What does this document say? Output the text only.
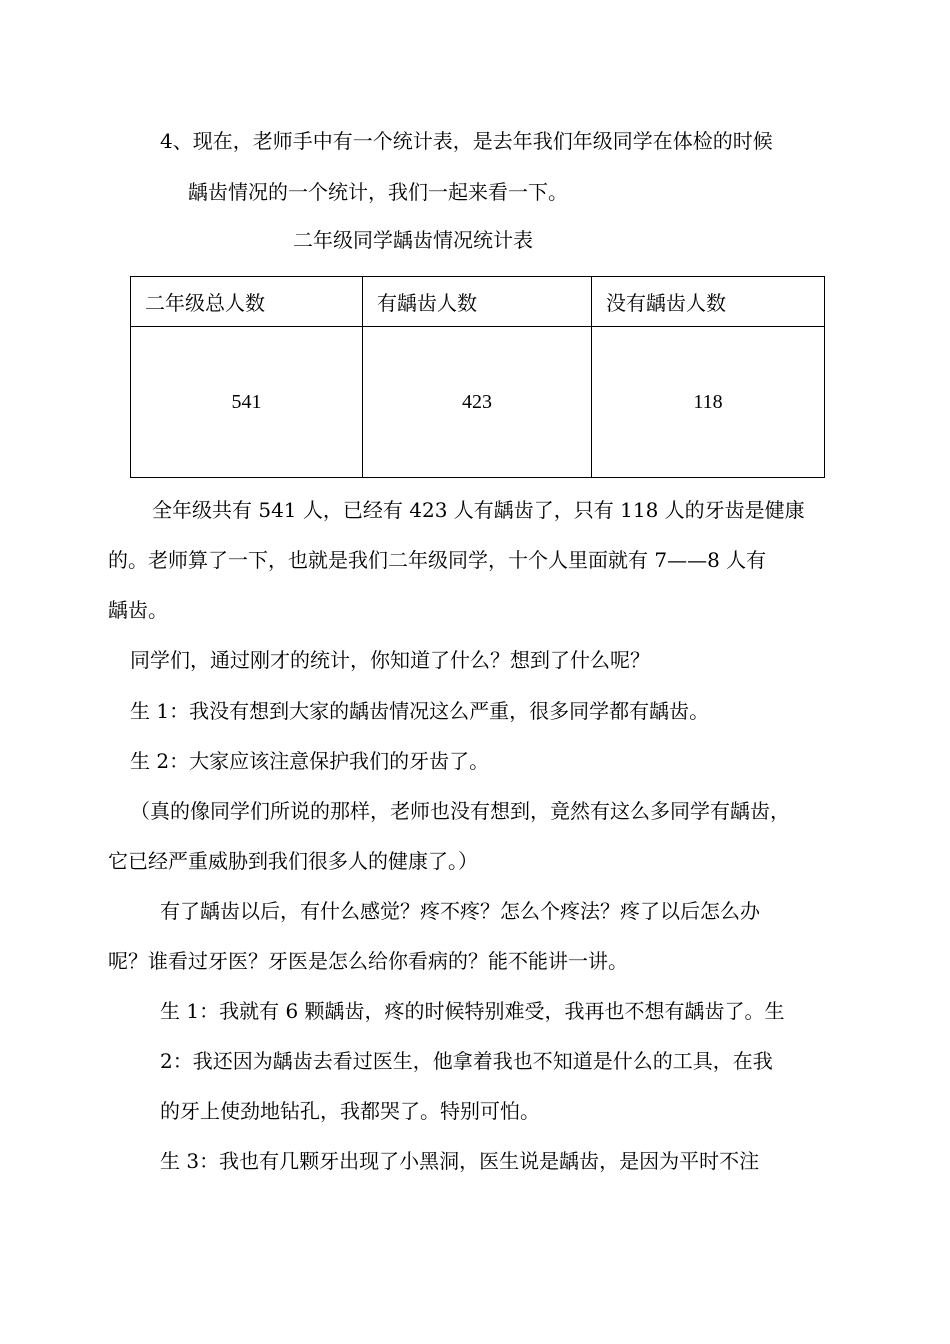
4、现在，老师手中有一个统计表，是去年我们年级同学在体检的时候
龋齿情况的一个统计，我们一起来看一下。
二年级同学龋齿情况统计表
二年级总人数	有龋齿人数	没有龋齿人数
541	423	118
全年级共有 541 人，已经有 423 人有龋齿了，只有 118 人的牙齿是健康
的。老师算了一下，也就是我们二年级同学，十个人里面就有 7——8 人有
龋齿。
同学们，通过刚才的统计，你知道了什么？想到了什么呢？
生 1：我没有想到大家的龋齿情况这么严重，很多同学都有龋齿。
生 2：大家应该注意保护我们的牙齿了。
（真的像同学们所说的那样，老师也没有想到，竟然有这么多同学有龋齿，
它已经严重威胁到我们很多人的健康了。）
有了龋齿以后，有什么感觉？疼不疼？怎么个疼法？疼了以后怎么办
呢？谁看过牙医？牙医是怎么给你看病的？能不能讲一讲。
生 1：我就有 6 颗龋齿，疼的时候特别难受，我再也不想有龋齿了。生
2：我还因为龋齿去看过医生，他拿着我也不知道是什么的工具，在我
的牙上使劲地钻孔，我都哭了。特别可怕。
生 3：我也有几颗牙出现了小黑洞，医生说是龋齿，是因为平时不注
